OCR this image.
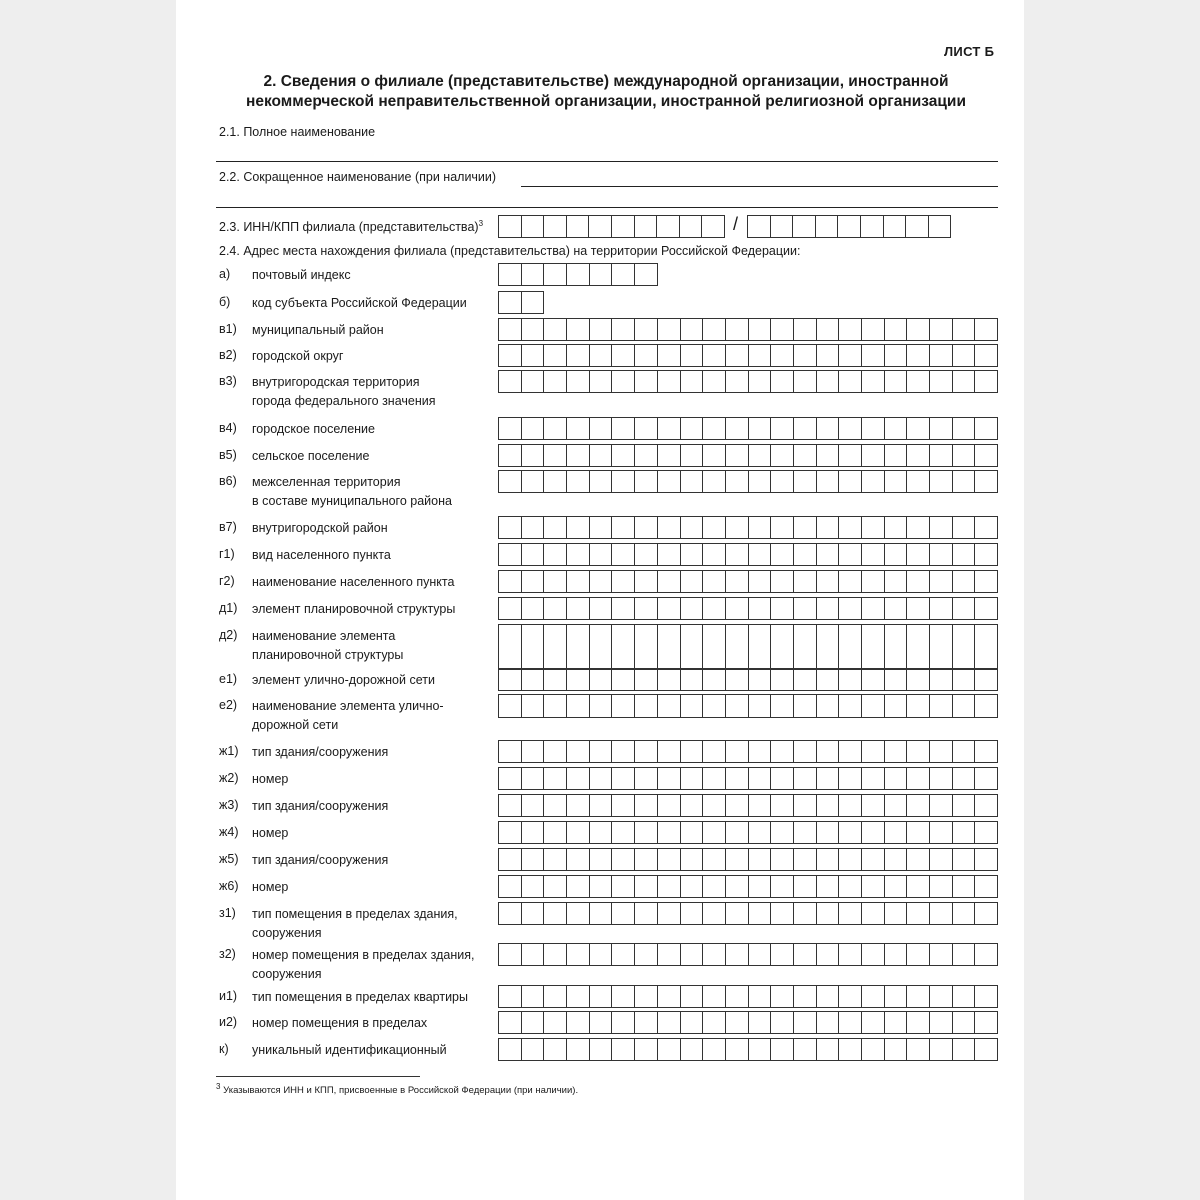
ЛИСТ Б
2. Сведения о филиале (представительстве) международной организации, иностранной
некоммерческой неправительственной организации, иностранной религиозной организации
2.1. Полное наименование
2.2. Сокращенное наименование (при наличии)
2.3. ИНН/КПП филиала (представительства)$^3$	/
2.4. Адрес места нахождения филиала (представительства) на территории Российской Федерации:
а) почтовый индекс
б) код субъекта Российской Федерации
в1) муниципальный район
в2) городской округ
в3) внутригородская территория
города федерального значения
в4) городское поселение
в5) сельское поселение
в6) межселенная территория
в составе муниципального района
в7) внутригородской район
г1) вид населенного пункта
г2) наименование населенного пункта
д1) элемент планировочной структуры
д2) наименование элемента
планировочной структуры
е1) элемент улично-дорожной сети
е2) наименование элемента улично-
дорожной сети
ж1) тип здания/сооружения
ж2) номер
ж3) тип здания/сооружения
ж4) номер
ж5) тип здания/сооружения
ж6) номер
з1) тип помещения в пределах здания,
сооружения
з2) номер помещения в пределах здания,
сооружения
и1) тип помещения в пределах квартиры
и2) номер помещения в пределах
к) уникальный идентификационный
$^3$ Указываются ИНН и КПП, присвоенные в Российской Федерации (при наличии).
